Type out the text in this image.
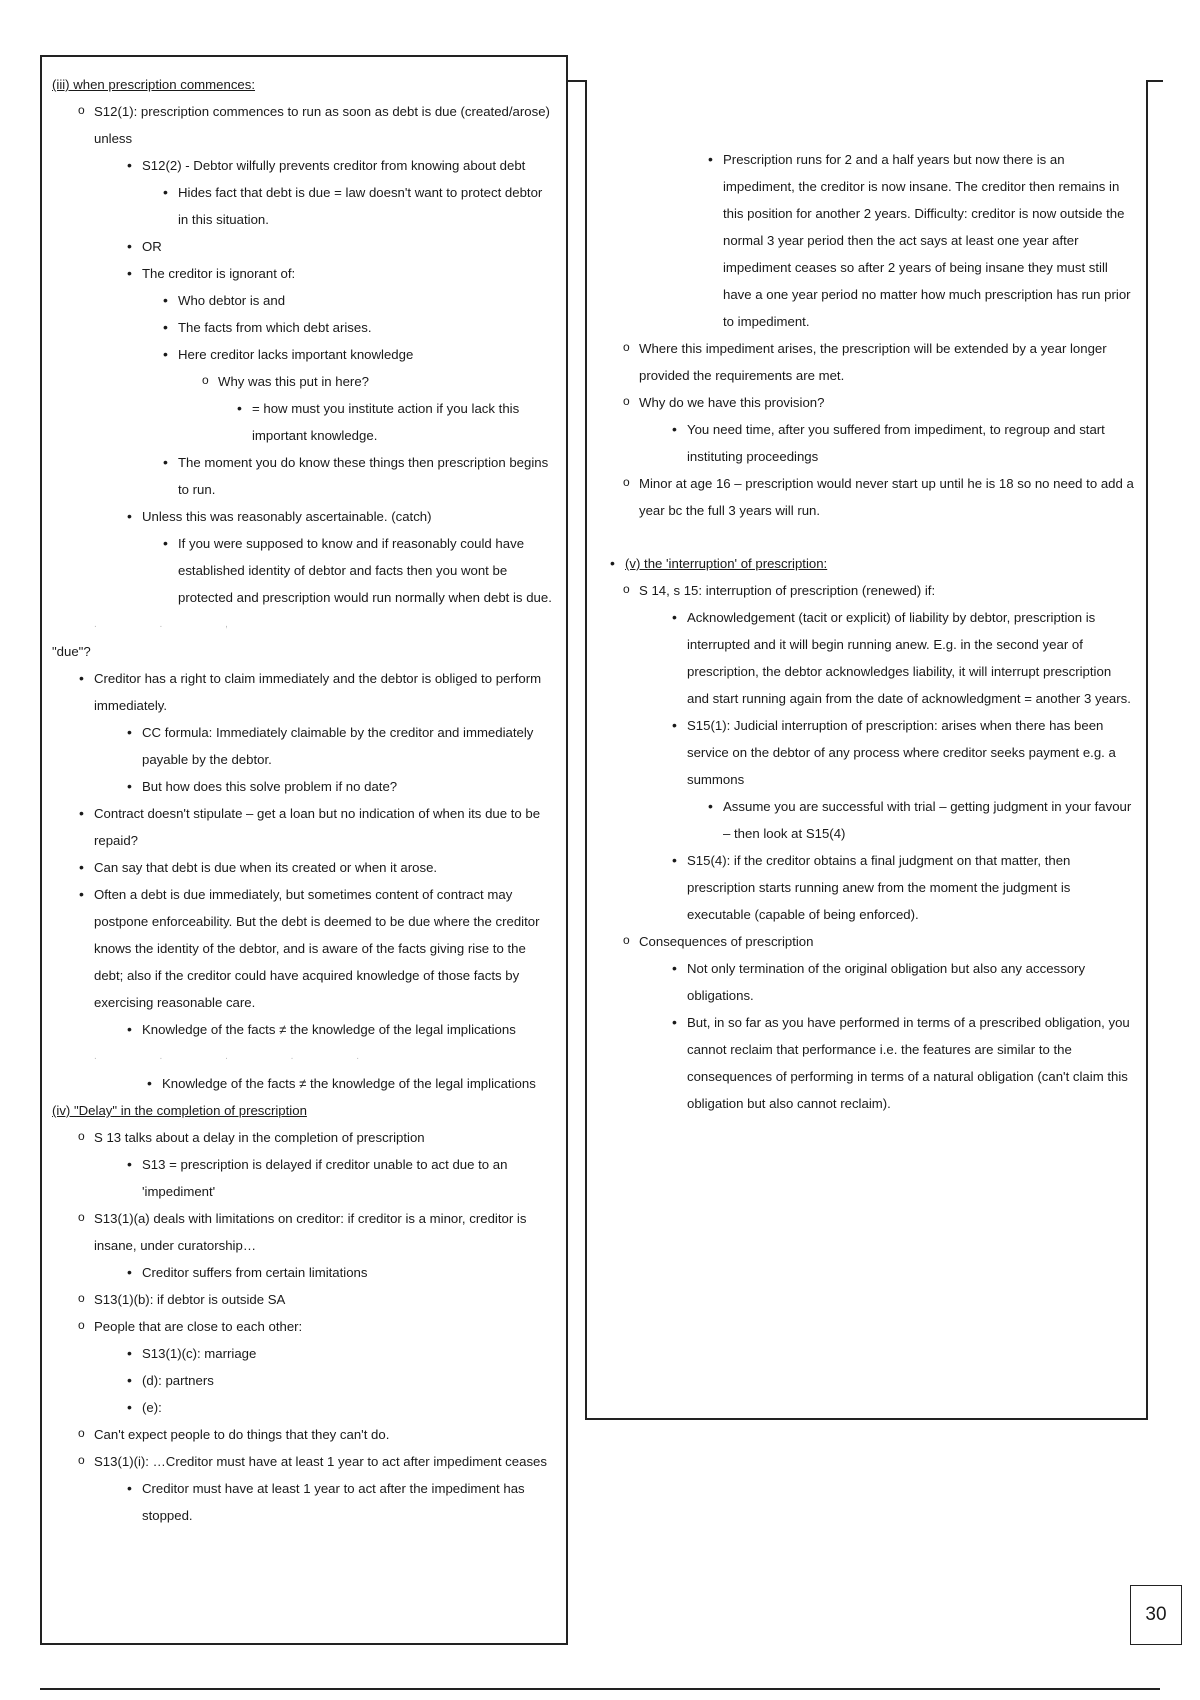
(iii) when prescription commences:
o S12(1): prescription commences to run as soon as debt is due (created/arose) unless
• S12(2) - Debtor wilfully prevents creditor from knowing about debt
• Hides fact that debt is due = law doesn't want to protect debtor in this situation.
• OR
• The creditor is ignorant of:
• Who debtor is and
• The facts from which debt arises.
• Here creditor lacks important knowledge
o Why was this put in here?
• = how must you institute action if you lack this important knowledge.
• The moment you do know these things then prescription begins to run.
• Unless this was reasonably ascertainable. (catch)
• If you were supposed to know and if reasonably could have established identity of debtor and facts then you wont be protected and prescription would run normally when debt is due.
. . ,
"due"?
• Creditor has a right to claim immediately and the debtor is obliged to perform immediately.
• CC formula: Immediately claimable by the creditor and immediately payable by the debtor.
• But how does this solve problem if no date?
• Contract doesn't stipulate – get a loan but no indication of when its due to be repaid?
• Can say that debt is due when its created or when it arose.
• Often a debt is due immediately, but sometimes content of contract may postpone enforceability. But the debt is deemed to be due where the creditor knows the identity of the debtor, and is aware of the facts giving rise to the debt; also if the creditor could have acquired knowledge of those facts by exercising reasonable care.
• Knowledge of the facts ≠ the knowledge of the legal implications
. . . . .
• Knowledge of the facts ≠ the knowledge of the legal implications
(iv) "Delay" in the completion of prescription
o S 13 talks about a delay in the completion of prescription
• S13 = prescription is delayed if creditor unable to act due to an 'impediment'
o S13(1)(a) deals with limitations on creditor: if creditor is a minor, creditor is insane, under curatorship…
• Creditor suffers from certain limitations
o S13(1)(b): if debtor is outside SA
o People that are close to each other:
• S13(1)(c): marriage
• (d): partners
• (e):
o Can't expect people to do things that they can't do.
o S13(1)(i): …Creditor must have at least 1 year to act after impediment ceases
• Creditor must have at least 1 year to act after the impediment has stopped.
• Prescription runs for 2 and a half years but now there is an impediment, the creditor is now insane. The creditor then remains in this position for another 2 years. Difficulty: creditor is now outside the normal 3 year period then the act says at least one year after impediment ceases so after 2 years of being insane they must still have a one year period no matter how much prescription has run prior to impediment.
o Where this impediment arises, the prescription will be extended by a year longer provided the requirements are met.
o Why do we have this provision?
• You need time, after you suffered from impediment, to regroup and start instituting proceedings
o Minor at age 16 – prescription would never start up until he is 18 so no need to add a year bc the full 3 years will run.
• (v) the 'interruption' of prescription:
o S 14, s 15: interruption of prescription (renewed) if:
• Acknowledgement (tacit or explicit) of liability by debtor, prescription is interrupted and it will begin running anew. E.g. in the second year of prescription, the debtor acknowledges liability, it will interrupt prescription and start running again from the date of acknowledgment = another 3 years.
• S15(1): Judicial interruption of prescription: arises when there has been service on the debtor of any process where creditor seeks payment e.g. a summons
• Assume you are successful with trial – getting judgment in your favour – then look at S15(4)
• S15(4): if the creditor obtains a final judgment on that matter, then prescription starts running anew from the moment the judgment is executable (capable of being enforced).
o Consequences of prescription
• Not only termination of the original obligation but also any accessory obligations.
• But, in so far as you have performed in terms of a prescribed obligation, you cannot reclaim that performance i.e. the features are similar to the consequences of performing in terms of a natural obligation (can't claim this obligation but also cannot reclaim).
30
